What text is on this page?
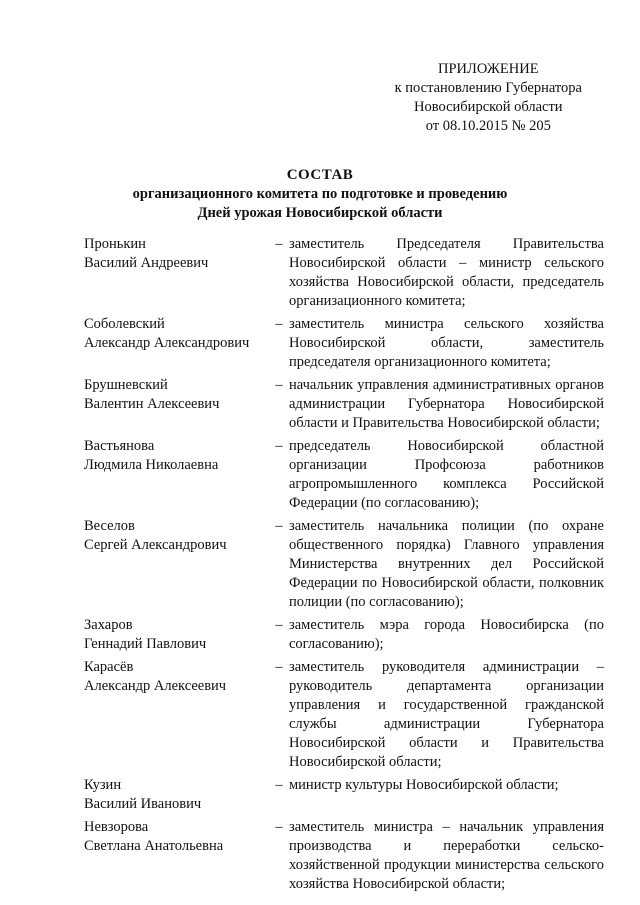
ПРИЛОЖЕНИЕ
к постановлению Губернатора
Новосибирской области
от 08.10.2015 № 205
СОСТАВ
организационного комитета по подготовке и проведению
Дней урожая Новосибирской области
Пронькин
Василий Андреевич
– заместитель Председателя Правительства Новосибирской области – министр сельского хозяйства Новосибирской области, председатель организационного комитета;
Соболевский
Александр Александрович
– заместитель министра сельского хозяйства Новосибирской области, заместитель председателя организационного комитета;
Брушневский
Валентин Алексеевич
– начальник управления административных органов администрации Губернатора Новосибирской области и Правительства Новосибирской области;
Вастьянова
Людмила Николаевна
– председатель Новосибирской областной организации Профсоюза работников агропромышленного комплекса Российской Федерации (по согласованию);
Веселов
Сергей Александрович
– заместитель начальника полиции (по охране общественного порядка) Главного управления Министерства внутренних дел Российской Федерации по Новосибирской области, полковник полиции (по согласованию);
Захаров
Геннадий Павлович
– заместитель мэра города Новосибирска (по согласованию);
Карасёв
Александр Алексеевич
– заместитель руководителя администрации – руководитель департамента организации управления и государственной гражданской службы администрации Губернатора Новосибирской области и Правительства Новосибирской области;
Кузин
Василий Иванович
– министр культуры Новосибирской области;
Невзорова
Светлана Анатольевна
– заместитель министра – начальник управления производства и переработки сельско-хозяйственной продукции министерства сельского хозяйства Новосибирской области;
